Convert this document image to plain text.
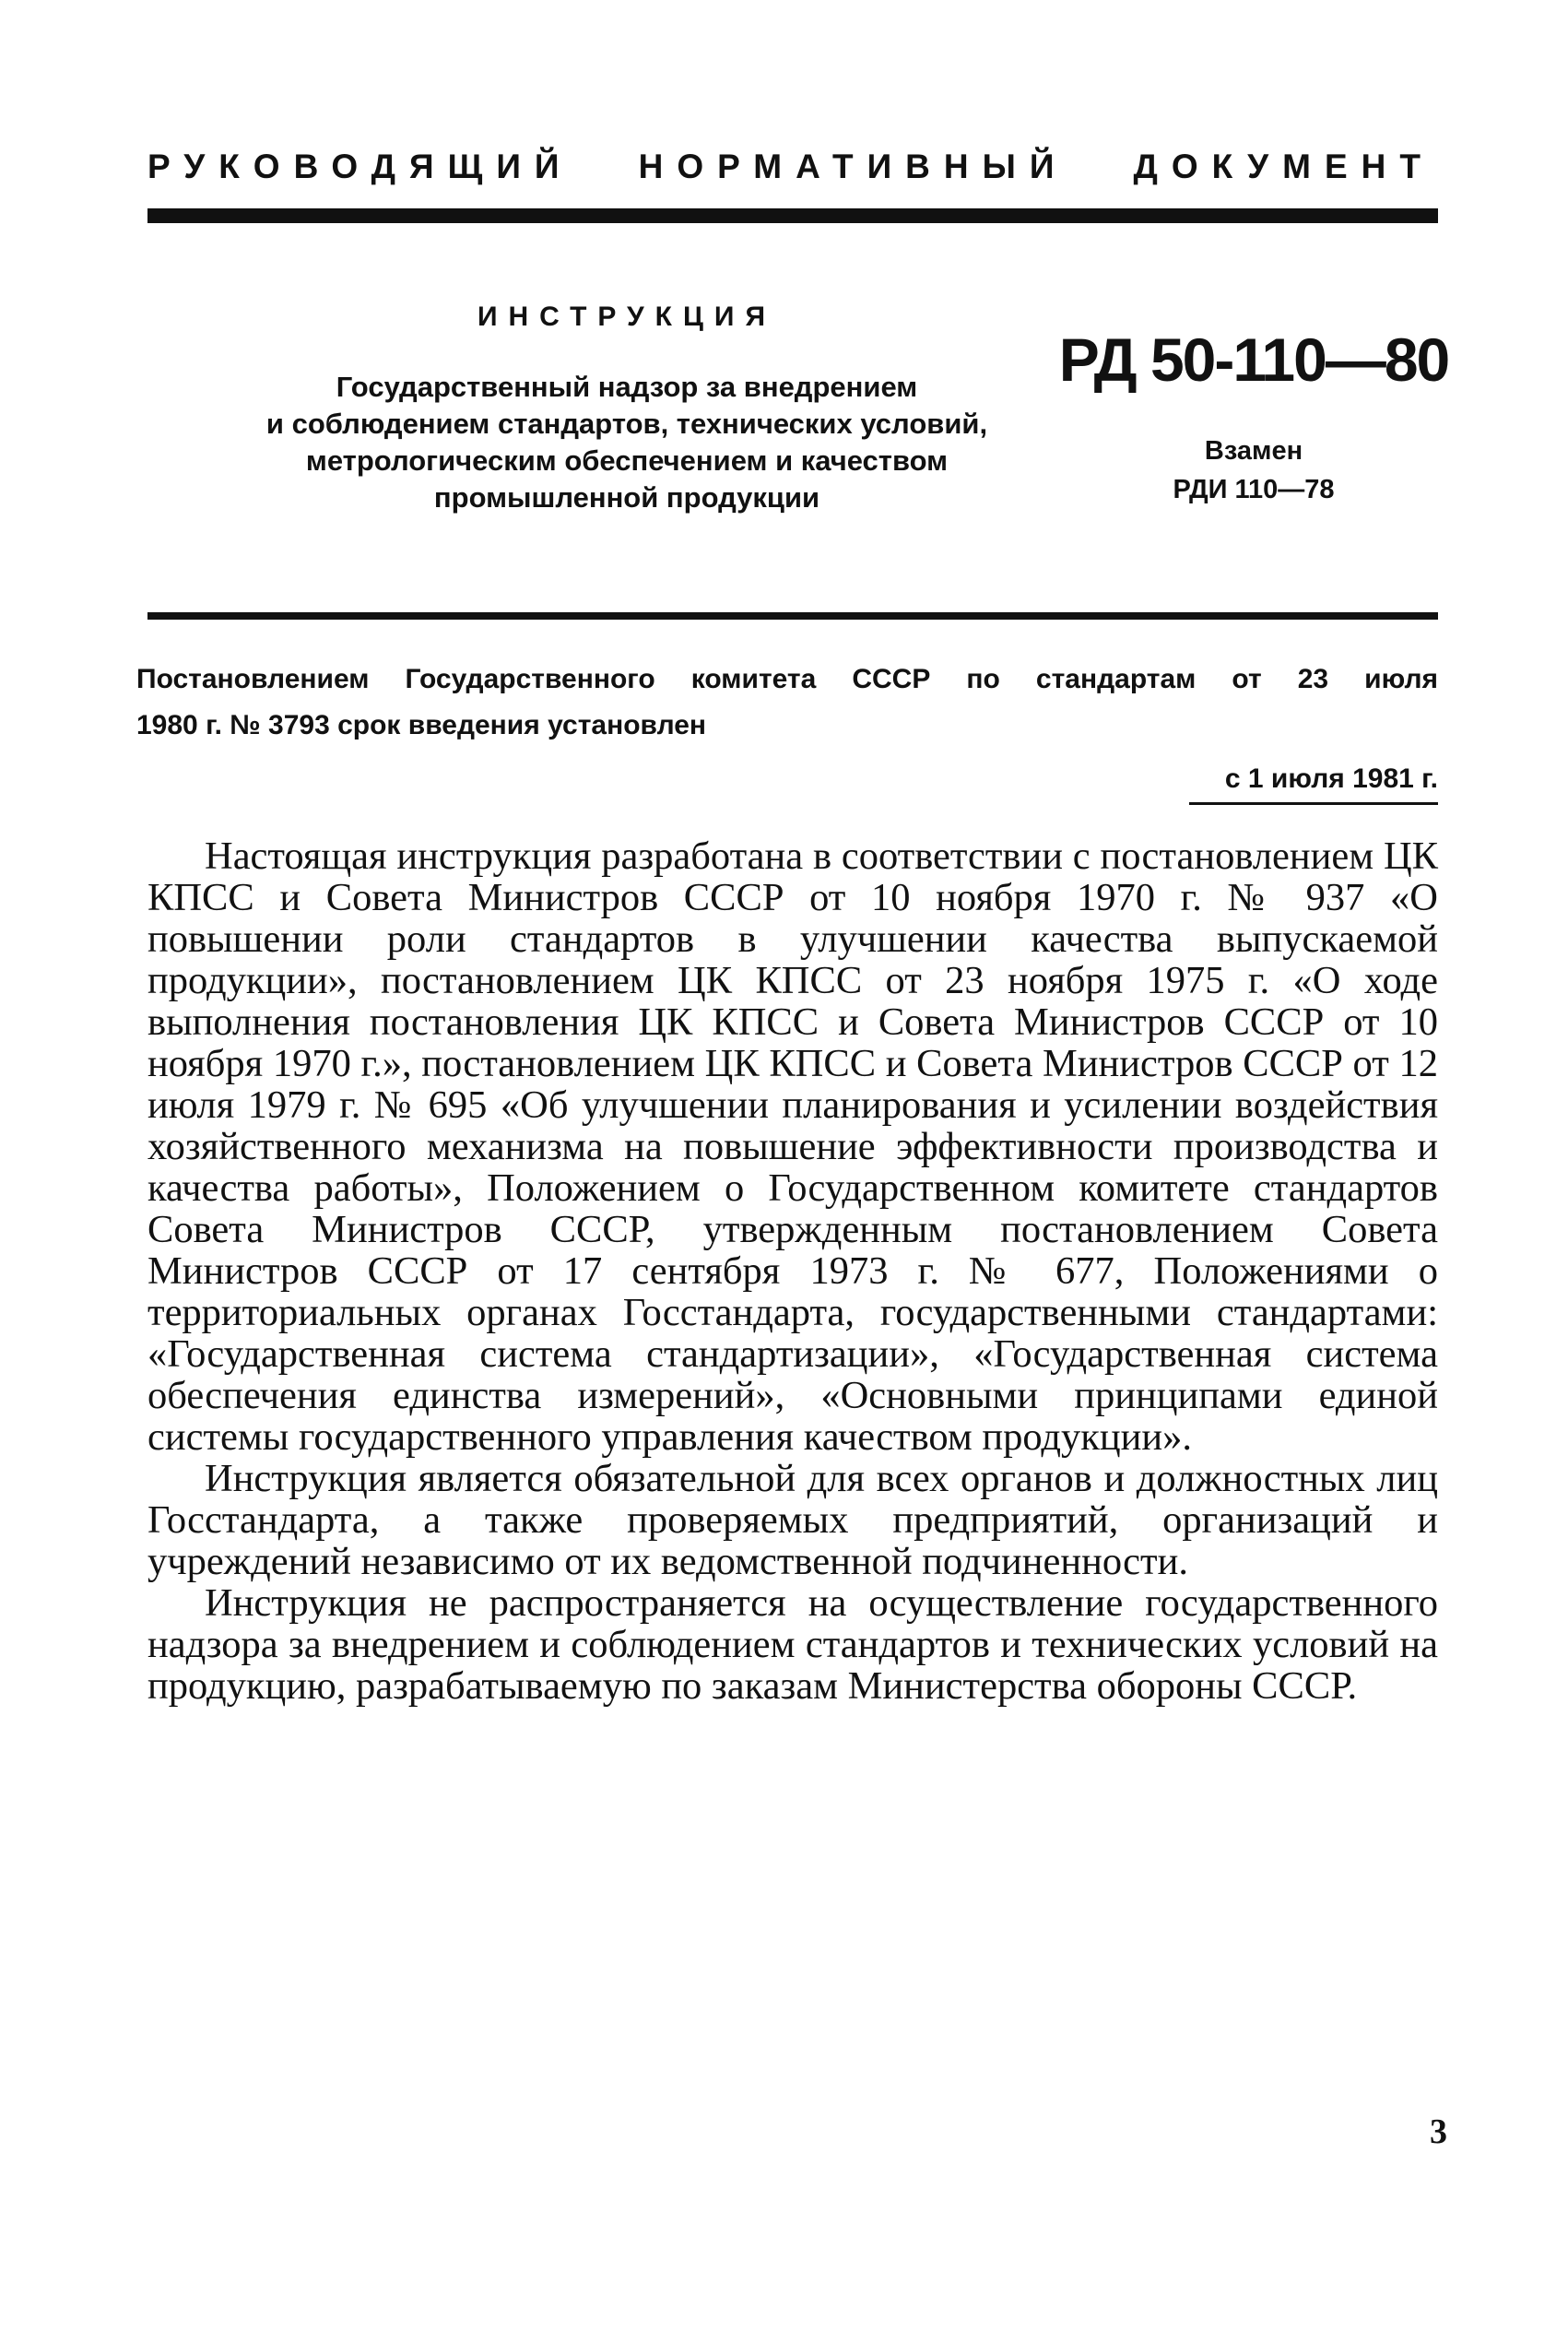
РУКОВОДЯЩИЙ НОРМАТИВНЫЙ ДОКУМЕНТ
ИНСТРУКЦИЯ
Государственный надзор за внедрением
и соблюдением стандартов, технических условий,
метрологическим обеспечением и качеством
промышленной продукции
РД 50-110—80
Взамен
РДИ 110—78
Постановлением Государственного комитета СССР по стандартам от 23 июля
1980 г. № 3793 срок введения установлен
с 1 июля 1981 г.

Настоящая инструкция разработана в соответствии с постановлением ЦК КПСС и Совета Министров СССР от 10 ноября 1970 г. № 937 «О повышении роли стандартов в улучшении качества выпускаемой продукции», постановлением ЦК КПСС от 23 ноября 1975 г. «О ходе выполнения постановления ЦК КПСС и Совета Министров СССР от 10 ноября 1970 г.», постановлением ЦК КПСС и Совета Министров СССР от 12 июля 1979 г. № 695 «Об улучшении планирования и усилении воздействия хозяйственного механизма на повышение эффективности производства и качества работы», Положением о Государственном комитете стандартов Совета Министров СССР, утвержденным постановлением Совета Министров СССР от 17 сентября 1973 г. № 677, Положениями о территориальных органах Госстандарта, государственными стандартами: «Государственная система стандартизации», «Государственная система обеспечения единства измерений», «Основными принципами единой системы государственного управления качеством продукции».

Инструкция является обязательной для всех органов и должностных лиц Госстандарта, а также проверяемых предприятий, организаций и учреждений независимо от их ведомственной подчиненности.

Инструкция не распространяется на осуществление государственного надзора за внедрением и соблюдением стандартов и технических условий на продукцию, разрабатываемую по заказам Министерства обороны СССР.

3
